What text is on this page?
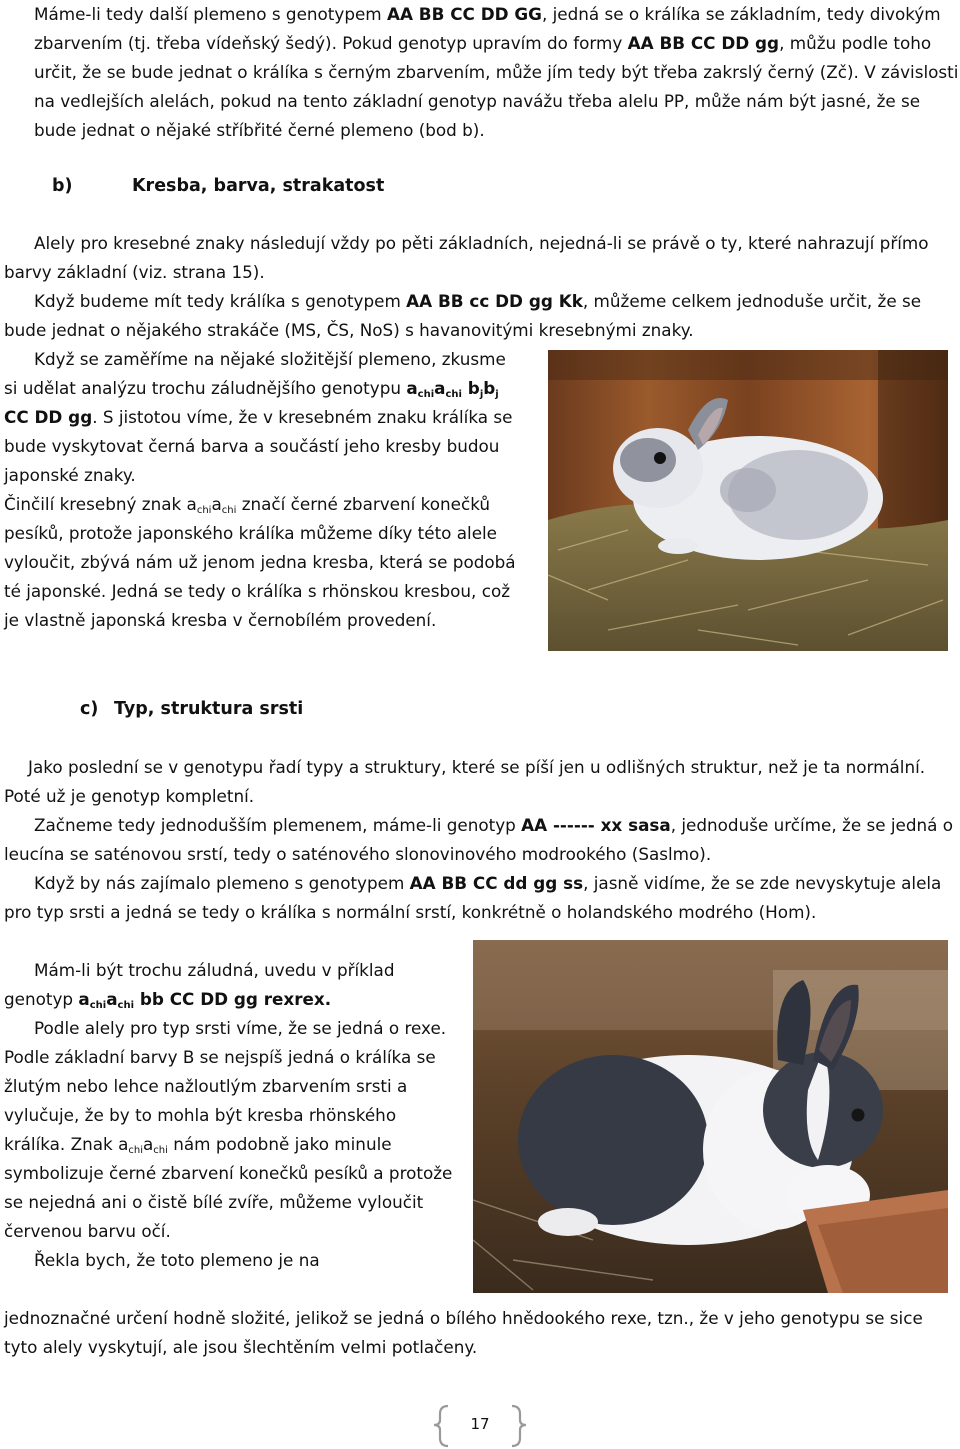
Máme-li tedy další plemeno s genotypem AA BB CC DD GG, jedná se o králíka se základním, tedy divokým zbarvením (tj. třeba vídeňský šedý). Pokud genotyp upravím do formy AA BB CC DD gg, můžu podle toho určit, že se bude jednat o králíka s černým zbarvením, může jím tedy být třeba zakrslý černý (Zč). V závislosti na vedlejších alelách, pokud na tento základní genotyp navážu třeba alelu PP, může nám být jasné, že se bude jednat o nějaké stříbřité černé plemeno (bod b).

b)	Kresba, barva, strakatost

Alely pro kresebné znaky následují vždy po pěti základních, nejedná-li se právě o ty, které nahrazují přímo barvy základní (viz. strana 15).

Když budeme mít tedy králíka s genotypem AA BB cc DD gg Kk, můžeme celkem jednoduše určit, že se bude jednat o nějakého strakáče (MS, ČS, NoS) s havanovitými kresebnými znaky.

Když se zaměříme na nějaké složitější plemeno, zkusme si udělat analýzu trochu záludnějšího genotypu $a_{chi}a_{chi}$ $b_jb_j$ CC DD gg. S jistotou víme, že v kresebném znaku králíka se bude vyskytovat černá barva a součástí jeho kresby budou japonské znaky.

Činčilí kresebný znak $a_{chi}a_{chi}$ značí černé zbarvení konečků pesíků, protože japonského králíka můžeme díky této alele vyloučit, zbývá nám už jenom jedna kresba, která se podobá té japonské. Jedná se tedy o králíka s rhönskou kresbou, což je vlastně japonská kresba v černobílém provedení.

c) Typ, struktura srsti

Jako poslední se v genotypu řadí typy a struktury, které se píší jen u odlišných struktur, než je ta normální. Poté už je genotyp kompletní.

Začneme tedy jednodušším plemenem, máme-li genotyp AA ------ xx sasa, jednoduše určíme, že se jedná o leucína se saténovou srstí, tedy o saténového slonovinového modrookého (Saslmo).

Když by nás zajímalo plemeno s genotypem AA BB CC dd gg ss, jasně vidíme, že se zde nevyskytuje alela pro typ srsti a jedná se tedy o králíka s normální srstí, konkrétně o holandského modrého (Hom).

Mám-li být trochu záludná, uvedu v příklad genotyp $a_{chi}a_{chi}$ bb CC DD gg rexrex.

Podle alely pro typ srsti víme, že se jedná o rexe. Podle základní barvy B se nejspíš jedná o králíka se žlutým nebo lehce nažloutlým zbarvením srsti a vylučuje, že by to mohla být kresba rhönského králíka. Znak $a_{chi}a_{chi}$ nám podobně jako minule symbolizuje černé zbarvení konečků pesíků a protože se nejedná ani o čistě bílé zvíře, můžeme vyloučit červenou barvu očí.

Řekla bych, že toto plemeno je na

jednoznačné určení hodně složité, jelikož se jedná o bílého hnědookého rexe, tzn., že v jeho genotypu se sice tyto alely vyskytují, ale jsou šlechtěním velmi potlačeny.

17
